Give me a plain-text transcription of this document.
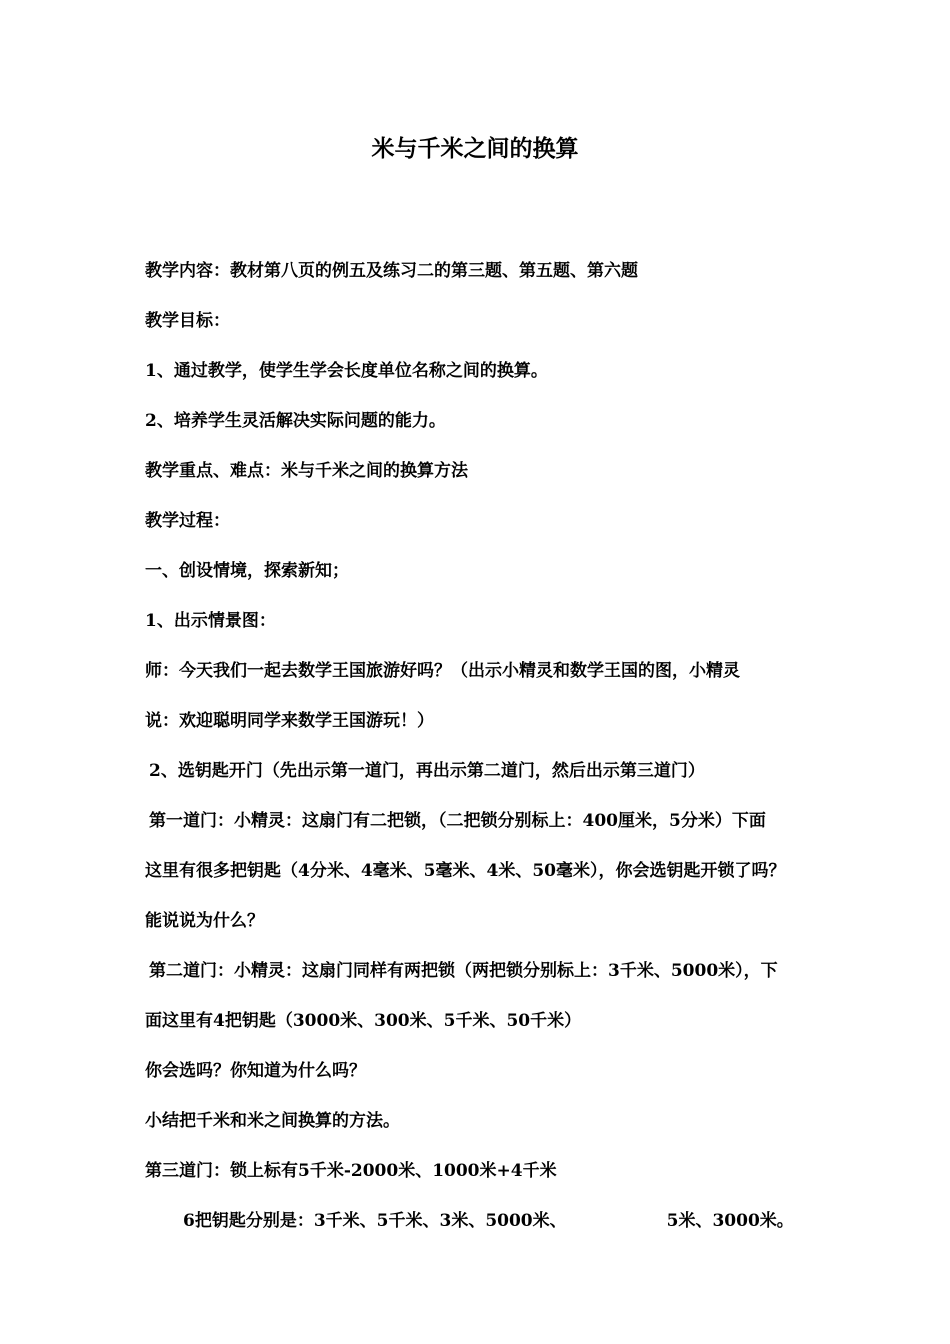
米与千米之间的换算

教学内容：教材第八页的例五及练习二的第三题、第五题、第六题

教学目标：

1、通过教学，使学生学会长度单位名称之间的换算。

2、培养学生灵活解决实际问题的能力。

教学重点、难点：米与千米之间的换算方法

教学过程：

一、创设情境，探索新知；

1、出示情景图：

师：今天我们一起去数学王国旅游好吗？（出示小精灵和数学王国的图，小精灵

说：欢迎聪明同学来数学王国游玩！）

2、选钥匙开门（先出示第一道门，再出示第二道门，然后出示第三道门）

第一道门：小精灵：这扇门有二把锁，（二把锁分别标上：400厘米，5分米）下面

这里有很多把钥匙（4分米、4毫米、5毫米、4米、50毫米），你会选钥匙开锁了吗？

能说说为什么？

第二道门：小精灵：这扇门同样有两把锁（两把锁分别标上：3千米、5000米），下

面这里有4把钥匙（3000米、300米、5千米、50千米）

你会选吗？你知道为什么吗？

小结把千米和米之间换算的方法。

第三道门：锁上标有5千米-2000米、1000米+4千米

6把钥匙分别是：3千米、5千米、3米、5000米、	5米、3000米。
